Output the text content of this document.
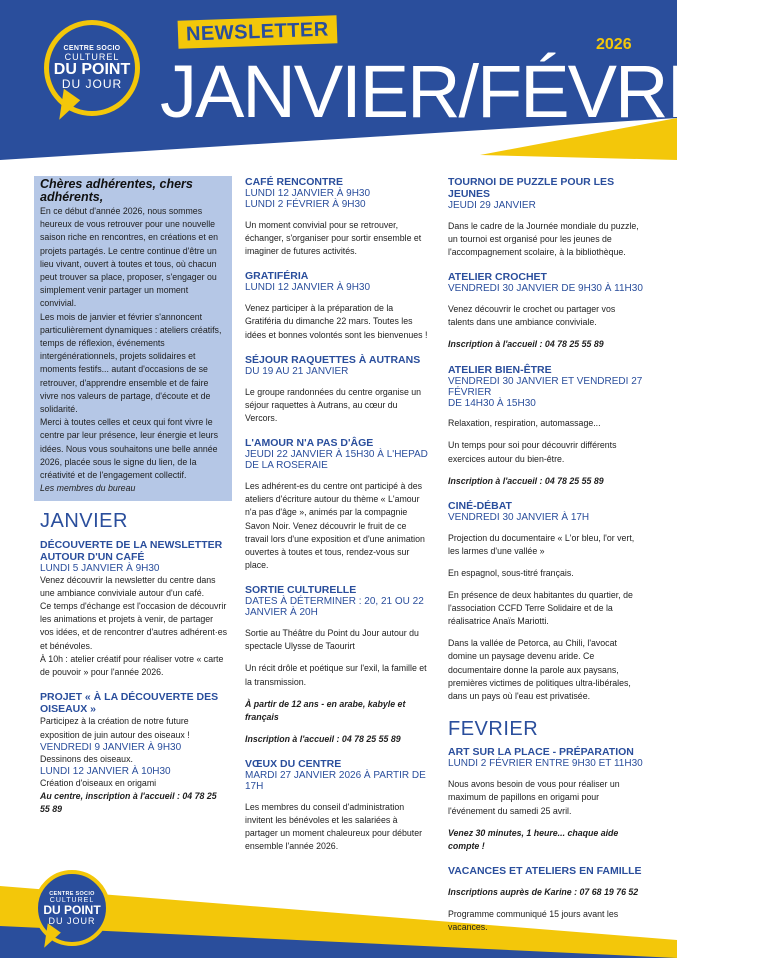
CENTRE SOCIO
CULTUREL
DU POINT
DU JOUR
NEWSLETTER	2026
JANVIER/FÉVRIER
Chères adhérentes, chers adhérents,

En ce début d'année 2026, nous sommes heureux de vous retrouver pour une nouvelle saison riche en rencontres, en créations et en projets partagés. Le centre continue d'être un lieu vivant, ouvert à toutes et tous, où chacun peut trouver sa place, proposer, s'engager ou simplement venir partager un moment convivial.

Les mois de janvier et février s'annoncent particulièrement dynamiques : ateliers créatifs, temps de réflexion, événements intergénérationnels, projets solidaires et moments festifs... autant d'occasions de se retrouver, d'apprendre ensemble et de faire vivre nos valeurs de partage, d'écoute et de solidarité.

Merci à toutes celles et ceux qui font vivre le centre par leur présence, leur énergie et leurs idées. Nous vous souhaitons une belle année 2026, placée sous le signe du lien, de la créativité et de l'engagement collectif.

Les membres du bureau

JANVIER
DÉCOUVERTE DE LA NEWSLETTER AUTOUR D'UN CAFÉ
LUNDI 5 JANVIER À 9H30

Venez découvrir la newsletter du centre dans une ambiance conviviale autour d'un café.

Ce temps d'échange est l'occasion de découvrir les animations et projets à venir, de partager vos idées, et de rencontrer d'autres adhérent·es et bénévoles.

À 10h : atelier créatif pour réaliser votre « carte de pouvoir » pour l'année 2026.

PROJET « À LA DÉCOUVERTE DES OISEAUX »

Participez à la création de notre future exposition de juin autour des oiseaux !

VENDREDI 9 JANVIER À 9H30

Dessinons des oiseaux.

LUNDI 12 JANVIER À 10H30

Création d'oiseaux en origami

Au centre, inscription à l'accueil : 04 78 25 55 89

CAFÉ RENCONTRE
LUNDI 12 JANVIER À 9H30
LUNDI 2 FÉVRIER À 9H30

Un moment convivial pour se retrouver, échanger, s'organiser pour sortir ensemble et imaginer de futures activités.

GRATIFÉRIA
LUNDI 12 JANVIER À 9H30

Venez participer à la préparation de la Gratiféria du dimanche 22 mars. Toutes les idées et bonnes volontés sont les bienvenues !

SÉJOUR RAQUETTES À AUTRANS
DU 19 AU 21 JANVIER

Le groupe randonnées du centre organise un séjour raquettes à Autrans, au cœur du Vercors.

L'AMOUR N'A PAS D'ÂGE
JEUDI 22 JANVIER À 15H30 À L'HEPAD DE LA ROSERAIE

Les adhérent-es du centre ont participé à des ateliers d'écriture autour du thème « L'amour n'a pas d'âge », animés par la compagnie Savon Noir. Venez découvrir le fruit de ce travail lors d'une exposition et d'une animation ouvertes à toutes et tous, rendez-vous sur place.

SORTIE CULTURELLE
DATES À DÉTERMINER : 20, 21 OU 22 JANVIER À 20H

Sortie au Théâtre du Point du Jour autour du spectacle Ulysse de Taourirt

Un récit drôle et poétique sur l'exil, la famille et la transmission.

À partir de 12 ans - en arabe, kabyle et français

Inscription à l'accueil : 04 78 25 55 89

VŒUX DU CENTRE
MARDI 27 JANVIER 2026 À PARTIR DE 17H

Les membres du conseil d'administration invitent les bénévoles et les salariées à partager un moment chaleureux pour débuter ensemble l'année 2026.

TOURNOI DE PUZZLE POUR LES JEUNES
JEUDI 29 JANVIER

Dans le cadre de la Journée mondiale du puzzle, un tournoi est organisé pour les jeunes de l'accompagnement scolaire, à la bibliothèque.

ATELIER CROCHET
VENDREDI 30 JANVIER DE 9H30 À 11H30

Venez découvrir le crochet ou partager vos talents dans une ambiance conviviale.

Inscription à l'accueil : 04 78 25 55 89

ATELIER BIEN-ÊTRE
VENDREDI 30 JANVIER ET VENDREDI 27 FÉVRIER
DE 14H30 À 15H30

Relaxation, respiration, automassage...

Un temps pour soi pour découvrir différents exercices autour du bien-être.

Inscription à l'accueil : 04 78 25 55 89

CINÉ-DÉBAT
VENDREDI 30 JANVIER À 17H

Projection du documentaire « L'or bleu, l'or vert, les larmes d'une vallée »

En espagnol, sous-titré français.

En présence de deux habitantes du quartier, de l'association CCFD Terre Solidaire et de la réalisatrice Anaïs Mariotti.

Dans la vallée de Petorca, au Chili, l'avocat domine un paysage devenu aride. Ce documentaire donne la parole aux paysans, premières victimes de politiques ultra-libérales, dans un pays où l'eau est privatisée.

FEVRIER
ART SUR LA PLACE - PRÉPARATION
LUNDI 2 FÉVRIER ENTRE 9H30 ET 11H30

Nous avons besoin de vous pour réaliser un maximum de papillons en origami pour l'événement du samedi 25 avril.

Venez 30 minutes, 1 heure... chaque aide compte !

VACANCES ET ATELIERS EN FAMILLE

Inscriptions auprès de Karine : 07 68 19 76 52

Programme communiqué 15 jours avant les vacances.

CENTRE SOCIO
CULTUREL
DU POINT
DU JOUR
